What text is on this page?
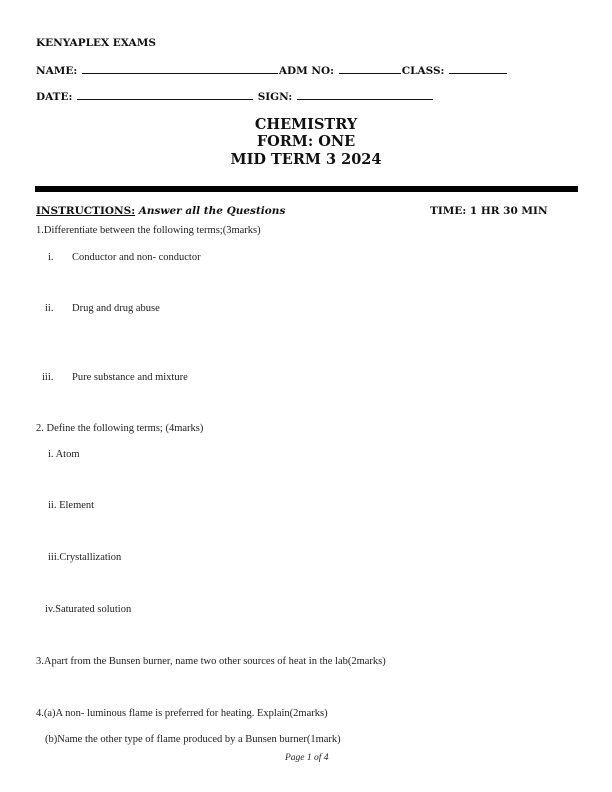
KENYAPLEX EXAMS
NAME:	ADM NO:	CLASS:
DATE:	SIGN:
CHEMISTRY
FORM: ONE
MID TERM 3 2024
INSTRUCTIONS: Answer all the Questions	TIME: 1 HR 30 MIN
1.Differentiate between the following terms;(3marks)
i. Conductor and non- conductor
ii. Drug and drug abuse
iii. Pure substance and mixture
2. Define the following terms; (4marks)
i. Atom
ii. Element
iii.Crystallization
iv.Saturated solution
3.Apart from the Bunsen burner, name two other sources of heat in the lab(2marks)
4.(a)A non- luminous flame is preferred for heating. Explain(2marks)
(b)Name the other type of flame produced by a Bunsen burner(1mark)
Page 1 of 4
